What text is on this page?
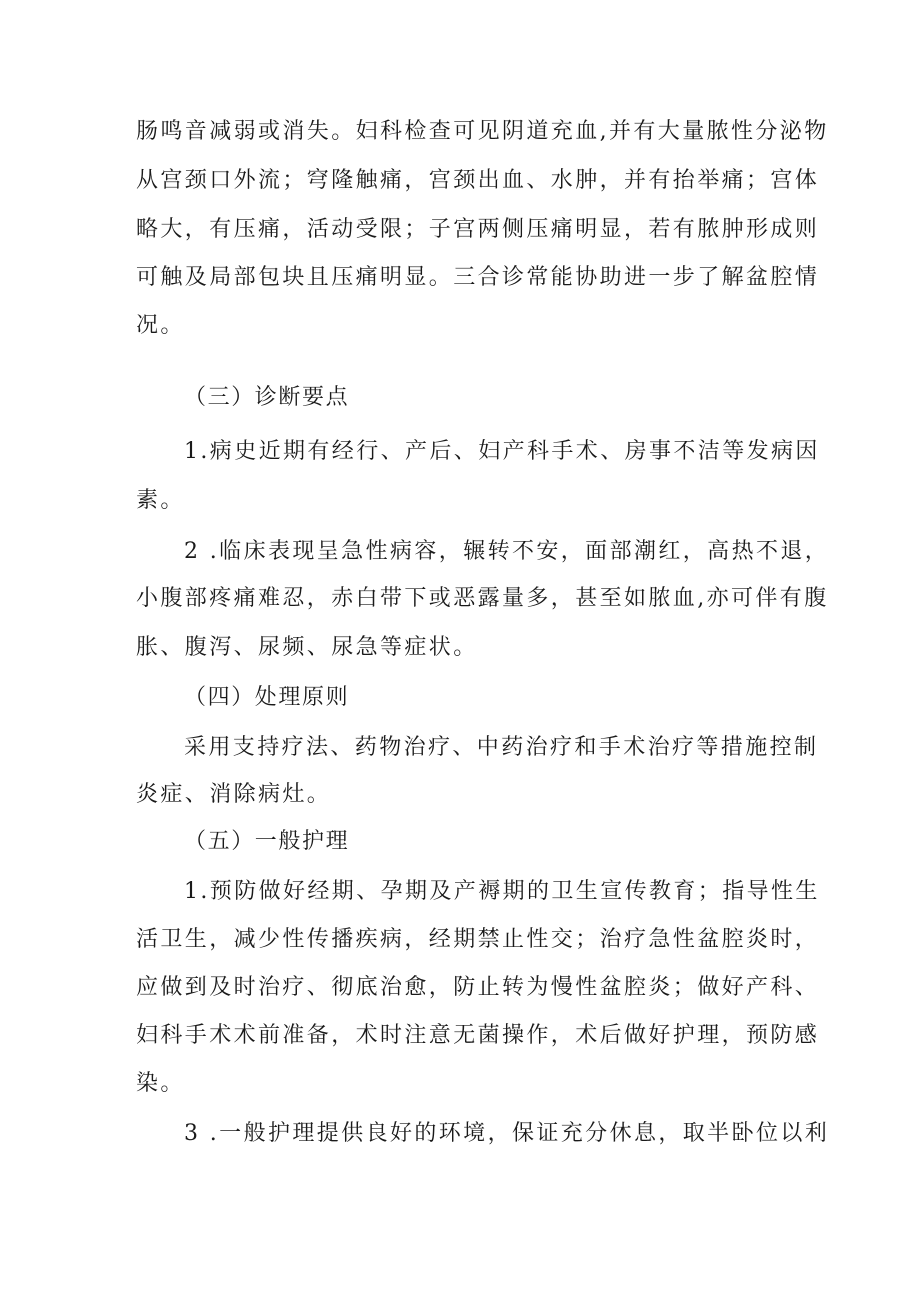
肠鸣音减弱或消失。妇科检查可见阴道充血,并有大量脓性分泌物
从宫颈口外流；穹隆触痛，宫颈出血、水肿，并有抬举痛；宫体
略大，有压痛，活动受限；子宫两侧压痛明显，若有脓肿形成则
可触及局部包块且压痛明显。三合诊常能协助进一步了解盆腔情
况。
（三）诊断要点
1.病史近期有经行、产后、妇产科手术、房事不洁等发病因
素。
2 .临床表现呈急性病容，辗转不安，面部潮红，高热不退，
小腹部疼痛难忍，赤白带下或恶露量多，甚至如脓血,亦可伴有腹
胀、腹泻、尿频、尿急等症状。
（四）处理原则
采用支持疗法、药物治疗、中药治疗和手术治疗等措施控制
炎症、消除病灶。
（五）一般护理
1.预防做好经期、孕期及产褥期的卫生宣传教育；指导性生
活卫生，减少性传播疾病，经期禁止性交；治疗急性盆腔炎时，
应做到及时治疗、彻底治愈，防止转为慢性盆腔炎；做好产科、
妇科手术术前准备，术时注意无菌操作，术后做好护理，预防感
染。
3 .一般护理提供良好的环境，保证充分休息，取半卧位以利
